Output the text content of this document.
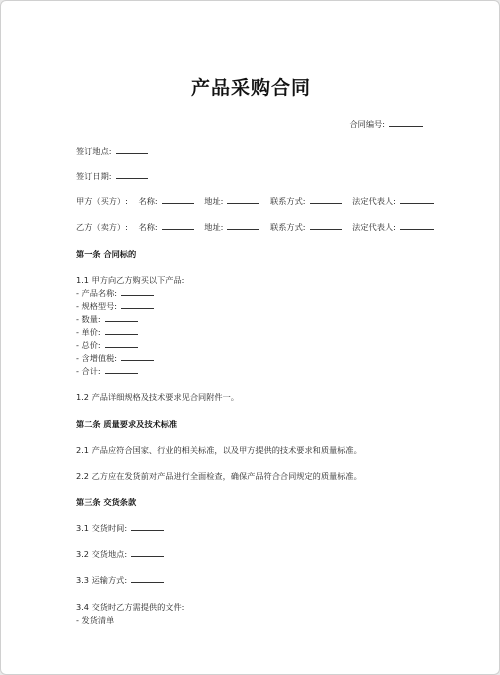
产品采购合同
合同编号:
签订地点:
签订日期:
甲方（买方）: 名称:	地址:	联系方式:	法定代表人:
乙方（卖方）: 名称:	地址:	联系方式:	法定代表人:
第一条 合同标的
1.1 甲方向乙方购买以下产品:
- 产品名称:
- 规格型号:
- 数量:
- 单价:
- 总价:
- 含增值税:
- 合计:
1.2 产品详细规格及技术要求见合同附件一。
第二条 质量要求及技术标准
2.1 产品应符合国家、行业的相关标准，以及甲方提供的技术要求和质量标准。
2.2 乙方应在发货前对产品进行全面检查，确保产品符合合同规定的质量标准。
第三条 交货条款
3.1 交货时间:
3.2 交货地点:
3.3 运输方式:
3.4 交货时乙方需提供的文件:
- 发货清单
